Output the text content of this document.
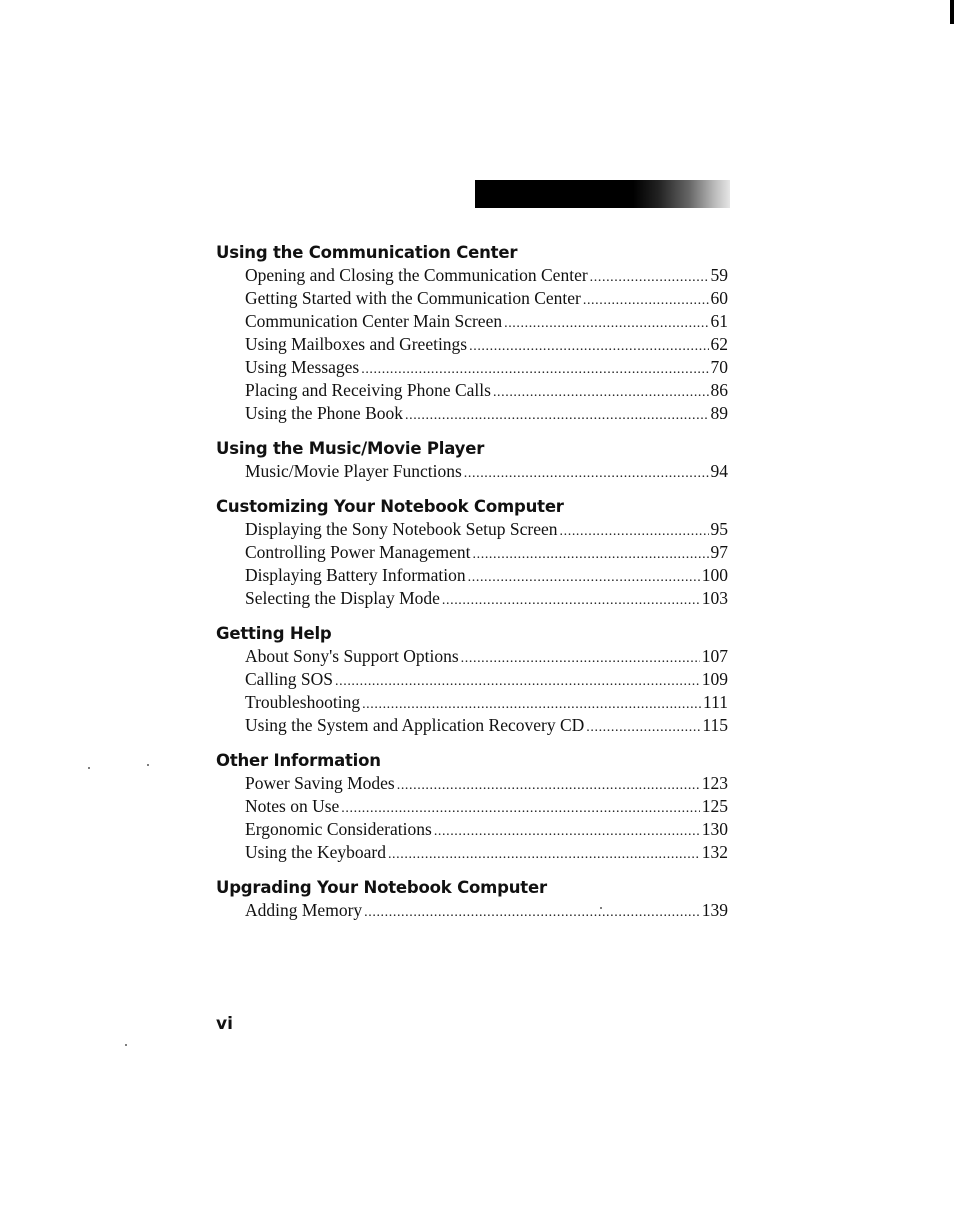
Using the Communication Center
Opening and Closing the Communication Center .....	59
Getting Started with the Communication Center .....	60
Communication Center Main Screen .....	61
Using Mailboxes and Greetings .....	62
Using Messages .....	70
Placing and Receiving Phone Calls .....	86
Using the Phone Book .....	89
Using the Music/Movie Player
Music/Movie Player Functions .....	94
Customizing Your Notebook Computer
Displaying the Sony Notebook Setup Screen .....	95
Controlling Power Management .....	97
Displaying Battery Information .....	100
Selecting the Display Mode .....	103
Getting Help
About Sony's Support Options .....	107
Calling SOS .....	109
Troubleshooting .....	111
Using the System and Application Recovery CD .....	115
Other Information
Power Saving Modes .....	123
Notes on Use .....	125
Ergonomic Considerations .....	130
Using the Keyboard .....	132
Upgrading Your Notebook Computer
Adding Memory .....	139
vi
